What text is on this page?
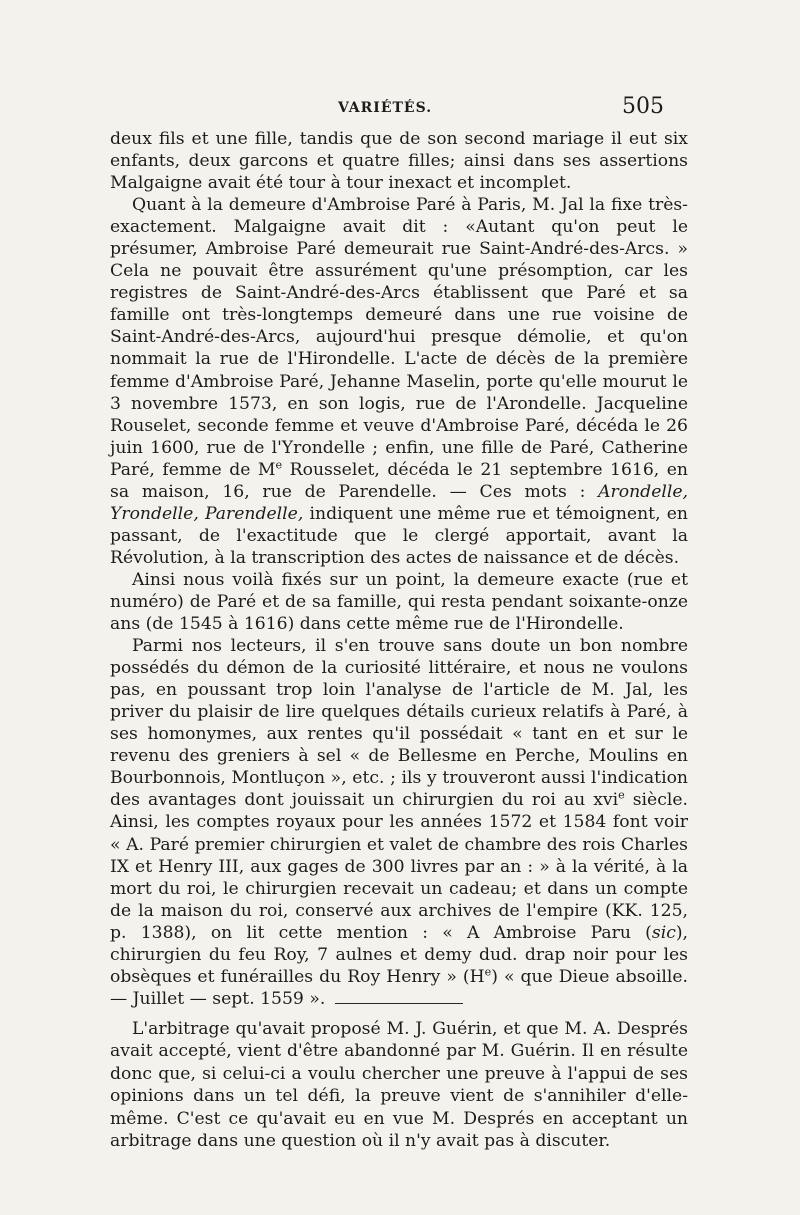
VARIÉTÉS.	505

deux fils et une fille, tandis que de son second mariage il eut six enfants, deux garcons et quatre filles; ainsi dans ses assertions Malgaigne avait été tour à tour inexact et incomplet.

Quant à la demeure d'Ambroise Paré à Paris, M. Jal la fixe très-exactement. Malgaigne avait dit : «Autant qu'on peut le présumer, Ambroise Paré demeurait rue Saint-André-des-Arcs. » Cela ne pouvait être assurément qu'une présomption, car les registres de Saint-André-des-Arcs établissent que Paré et sa famille ont très-longtemps demeuré dans une rue voisine de Saint-André-des-Arcs, aujourd'hui presque démolie, et qu'on nommait la rue de l'Hirondelle. L'acte de décès de la première femme d'Ambroise Paré, Jehanne Maselin, porte qu'elle mourut le 3 novembre 1573, en son logis, rue de l'Arondelle. Jacqueline Rouselet, seconde femme et veuve d'Ambroise Paré, décéda le 26 juin 1600, rue de l'Yrondelle ; enfin, une fille de Paré, Catherine Paré, femme de Me Rousselet, décéda le 21 septembre 1616, en sa maison, 16, rue de Parendelle. — Ces mots : Arondelle, Yrondelle, Parendelle, indiquent une même rue et témoignent, en passant, de l'exactitude que le clergé apportait, avant la Révolution, à la transcription des actes de naissance et de décès.

Ainsi nous voilà fixés sur un point, la demeure exacte (rue et numéro) de Paré et de sa famille, qui resta pendant soixante-onze ans (de 1545 à 1616) dans cette même rue de l'Hirondelle.

Parmi nos lecteurs, il s'en trouve sans doute un bon nombre possédés du démon de la curiosité littéraire, et nous ne voulons pas, en poussant trop loin l'analyse de l'article de M. Jal, les priver du plaisir de lire quelques détails curieux relatifs à Paré, à ses homonymes, aux rentes qu'il possédait « tant en et sur le revenu des greniers à sel « de Bellesme en Perche, Moulins en Bourbonnois, Montluçon », etc. ; ils y trouveront aussi l'indication des avantages dont jouissait un chirurgien du roi au xvi$^e$ siècle. Ainsi, les comptes royaux pour les années 1572 et 1584 font voir « A. Paré premier chirurgien et valet de chambre des rois Charles IX et Henry III, aux gages de 300 livres par an : » à la vérité, à la mort du roi, le chirurgien recevait un cadeau; et dans un compte de la maison du roi, conservé aux archives de l'empire (KK. 125, p. 1388), on lit cette mention : « A Ambroise Paru (sic), chirurgien du feu Roy, 7 aulnes et demy dud. drap noir pour les obsèques et funérailles du Roy Henry » $(H^e)$ « que Dieue absoille. — Juillet — sept. 1559 ».

L'arbitrage qu'avait proposé M. J. Guérin, et que M. A. Després avait accepté, vient d'être abandonné par M. Guérin. Il en résulte donc que, si celui-ci a voulu chercher une preuve à l'appui de ses opinions dans un tel défi, la preuve vient de s'annihiler d'elle-même. C'est ce qu'avait eu en vue M. Després en acceptant un arbitrage dans une question où il n'y avait pas à discuter.
